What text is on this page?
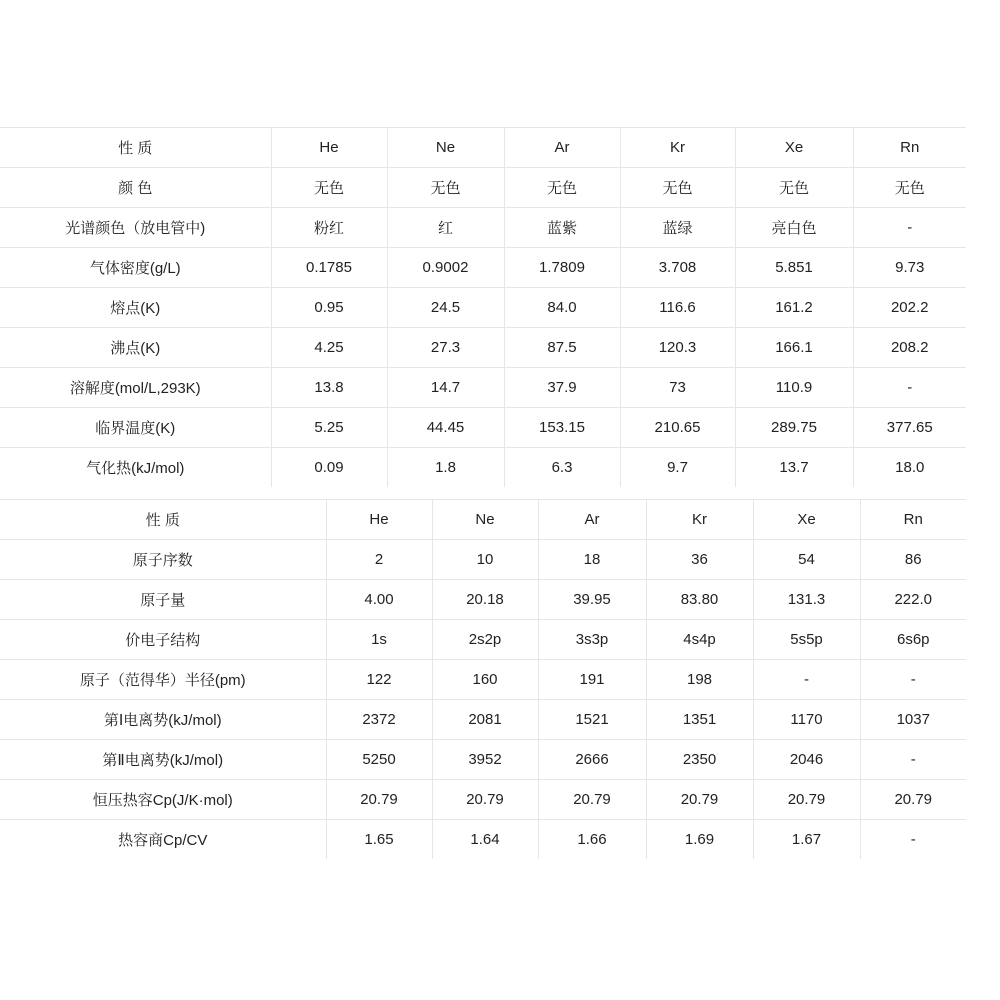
性 质	He	Ne	Ar	Kr	Xe	Rn
颜 色	无色	无色	无色	无色	无色	无色
光谱颜色（放电管中)	粉红	红	蓝紫	蓝绿	亮白色	-
气体密度(g/L)	0.1785	0.9002	1.7809	3.708	5.851	9.73
熔点(K)	0.95	24.5	84.0	116.6	161.2	202.2
沸点(K)	4.25	27.3	87.5	120.3	166.1	208.2
溶解度(mol/L,293K)	13.8	14.7	37.9	73	110.9	-
临界温度(K)	5.25	44.45	153.15	210.65	289.75	377.65
气化热(kJ/mol)	0.09	1.8	6.3	9.7	13.7	18.0
性 质	He	Ne	Ar	Kr	Xe	Rn
原子序数	2	10	18	36	54	86
原子量	4.00	20.18	39.95	83.80	131.3	222.0
价电子结构	1s	2s2p	3s3p	4s4p	5s5p	6s6p
原子（范得华）半径(pm)	122	160	191	198	-	-
第Ⅰ电离势(kJ/mol)	2372	2081	1521	1351	1170	1037
第Ⅱ电离势(kJ/mol)	5250	3952	2666	2350	2046	-
恒压热容Cp(J/K·mol)	20.79	20.79	20.79	20.79	20.79	20.79
热容商Cp/CV	1.65	1.64	1.66	1.69	1.67	-
